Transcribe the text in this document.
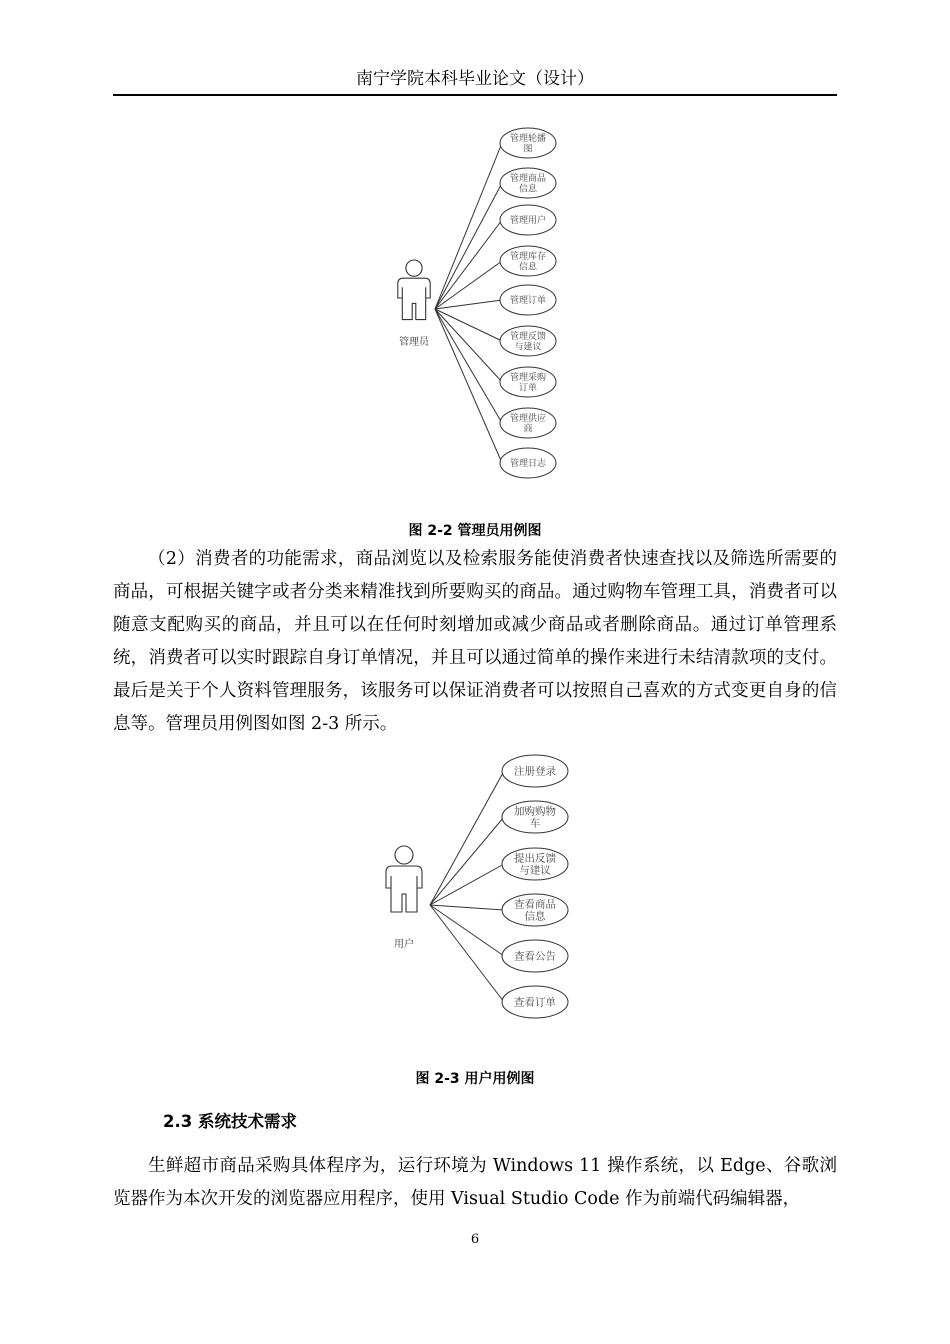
南宁学院本科毕业论文（设计）
管理轮播
图
管理商品
信息
管理用户
管理库存
信息
管理订单
管理反馈
与建议
管理采购
订单
管理供应
商
管理日志
管理员
图 2-2 管理员用例图

（2）消费者的功能需求，商品浏览以及检索服务能使消费者快速查找以及筛选所需要的商品，可根据关键字或者分类来精准找到所要购买的商品。通过购物车管理工具，消费者可以随意支配购买的商品，并且可以在任何时刻增加或减少商品或者删除商品。通过订单管理系统，消费者可以实时跟踪自身订单情况，并且可以通过简单的操作来进行未结清款项的支付。最后是关于个人资料管理服务，该服务可以保证消费者可以按照自己喜欢的方式变更自身的信息等。管理员用例图如图 2-3 所示。

注册登录
加购购物
车
提出反馈
与建议
查看商品
信息
查看公告
查看订单
用户
图 2-3 用户用例图
2.3 系统技术需求

生鲜超市商品采购具体程序为，运行环境为 Windows 11 操作系统，以 Edge、谷歌浏览器作为本次开发的浏览器应用程序，使用 Visual Studio Code 作为前端代码编辑器，

6
